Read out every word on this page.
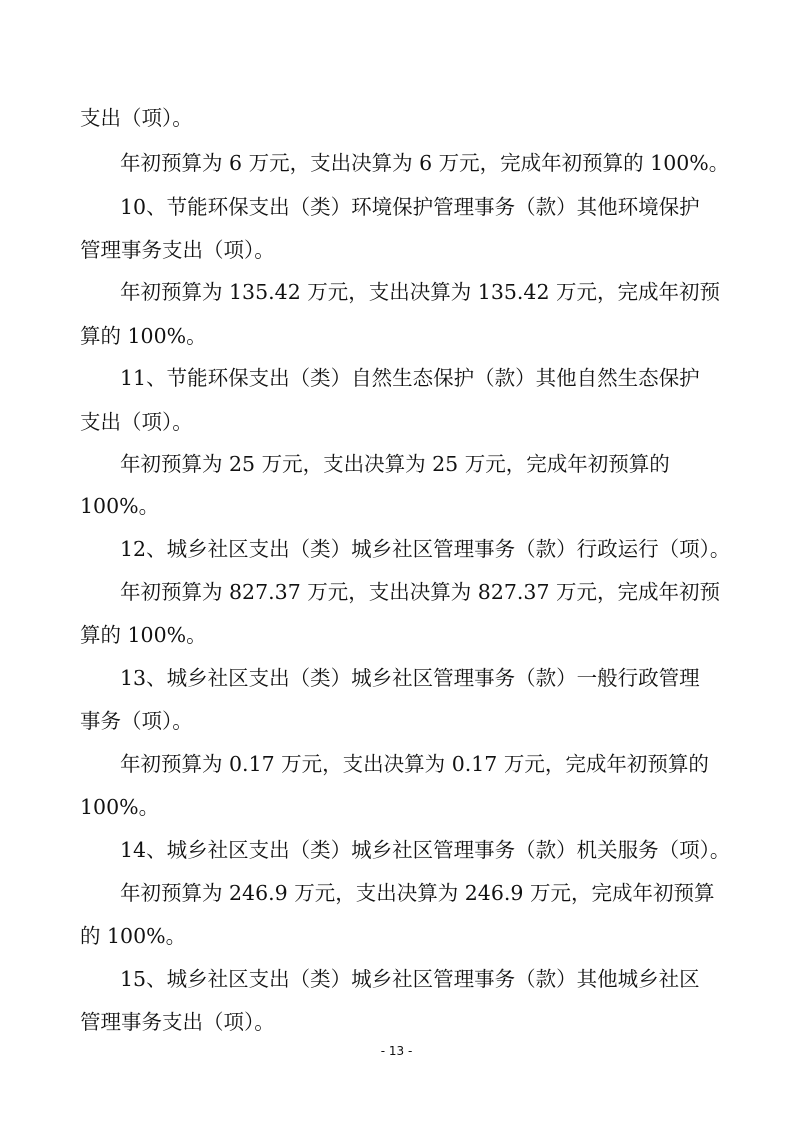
支出（项）。
年初预算为 6 万元，支出决算为 6 万元，完成年初预算的 100%。
10、节能环保支出（类）环境保护管理事务（款）其他环境保护
管理事务支出（项）。
年初预算为 135.42 万元，支出决算为 135.42 万元，完成年初预
算的 100%。
11、节能环保支出（类）自然生态保护（款）其他自然生态保护
支出（项）。
年初预算为 25 万元，支出决算为 25 万元，完成年初预算的
100%。
12、城乡社区支出（类）城乡社区管理事务（款）行政运行（项）。
年初预算为 827.37 万元，支出决算为 827.37 万元，完成年初预
算的 100%。
13、城乡社区支出（类）城乡社区管理事务（款）一般行政管理
事务（项）。
年初预算为 0.17 万元，支出决算为 0.17 万元，完成年初预算的
100%。
14、城乡社区支出（类）城乡社区管理事务（款）机关服务（项）。
年初预算为 246.9 万元，支出决算为 246.9 万元，完成年初预算
的 100%。
15、城乡社区支出（类）城乡社区管理事务（款）其他城乡社区
管理事务支出（项）。
- 13 -
